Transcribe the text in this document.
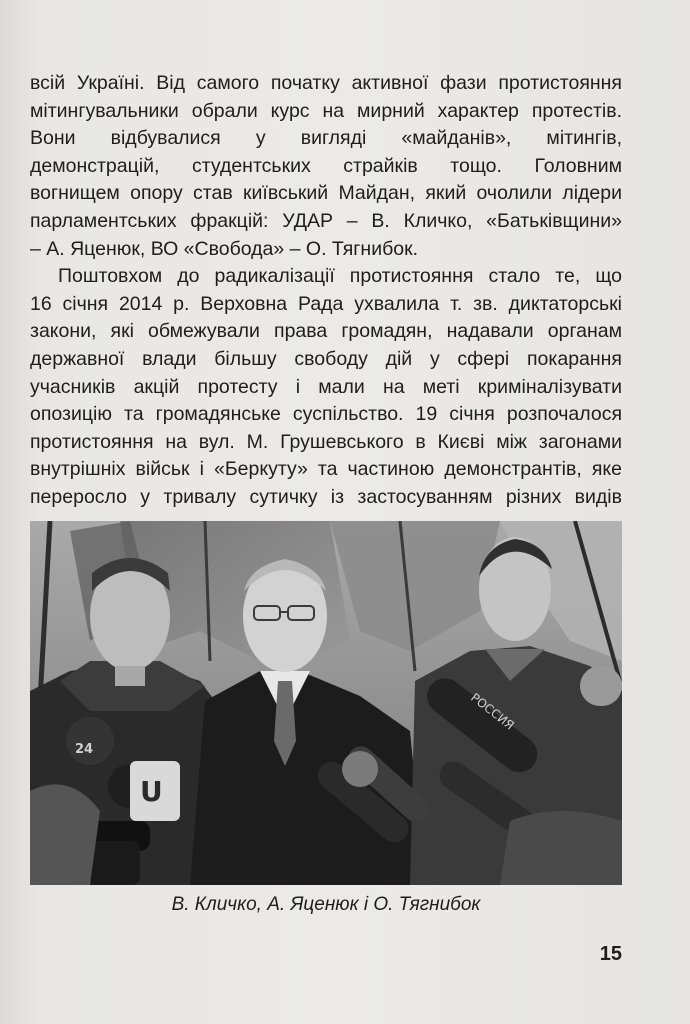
всій Україні. Від самого початку активної фази протистояння
мітингувальники обрали курс на мирний характер протестів.
Вони відбувалися у вигляді «майданів», мітингів,
демонстрацій, студентських страйків тощо. Головним
вогнищем опору став київський Майдан, який очолили лідери
парламентських фракцій: УДАР – В. Кличко, «Батьківщини»
– А. Яценюк, ВО «Свобода» – О. Тягнибок.

Поштовхом до радикалізації протистояння стало те, що
16 січня 2014 р. Верховна Рада ухвалила т. зв. диктаторські
закони, які обмежували права громадян, надавали органам
державної влади більшу свободу дій у сфері покарання
учасників акцій протесту і мали на меті криміналізувати
опозицію та громадянське суспільство. 19 січня розпочалося
протистояння на вул. М. Грушевського в Києві між загонами
внутрішніх військ і «Беркуту» та частиною демонстрантів, яке
переросло у тривалу сутичку із застосуванням різних видів

РОССИЯ
U
24
В. Кличко, А. Яценюк і О. Тягнибок
15
